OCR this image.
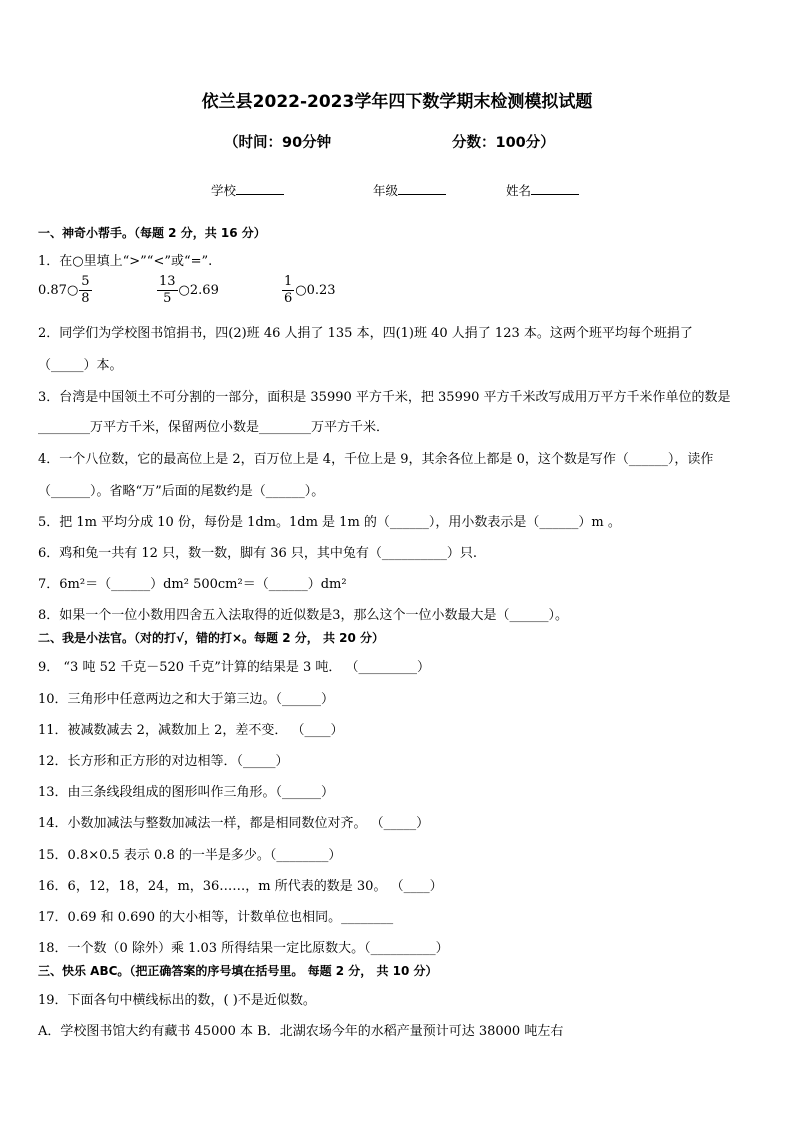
依兰县2022-2023学年四下数学期末检测模拟试题
（时间：90分钟	分数：100分）
学校	年级	姓名
一、神奇小帮手。（每题 2 分，共 16 分）
1．在○里填上“>”“<”或“=”.
0.87○ $\frac{5}{8}$	$\frac{13}{5}$ ○2.69	$\frac{1}{6}$ ○0.23
2．同学们为学校图书馆捐书，四(2)班 46 人捐了 135 本，四(1)班 40 人捐了 123 本。这两个班平均每个班捐了
（_____）本。
3．台湾是中国领土不可分割的一部分，面积是 35990 平方千米，把 35990 平方千米改写成用万平方千米作单位的数是
________万平方千米，保留两位小数是________万平方千米．
4．一个八位数，它的最高位上是 2，百万位上是 4，千位上是 9，其余各位上都是 0，这个数是写作（______），读作
（______）。省略“万”后面的尾数约是（______）。
5．把 1m 平均分成 10 份，每份是 1dm。1dm 是 1m 的（______），用小数表示是（______）m 。
6．鸡和兔一共有 12 只，数一数，脚有 36 只，其中兔有（__________）只.
7．6m²＝（______）dm² 500cm²＝（______）dm²
8．如果一个一位小数用四舍五入法取得的近似数是3，那么这个一位小数最大是（______）。
二、我是小法官。（对的打√，错的打×。每题 2 分， 共 20 分）
9． “3 吨 52 千克－520 千克”计算的结果是 3 吨． （_________）
10．三角形中任意两边之和大于第三边。（______）
11．被减数减去 2，减数加上 2，差不变． （____）
12．长方形和正方形的对边相等．（_____）
13．由三条线段组成的图形叫作三角形。（______）
14．小数加减法与整数加减法一样，都是相同数位对齐。 （_____）
15．0.8×0.5 表示 0.8 的一半是多少。（________）
16．6，12，18，24，m，36……，m 所代表的数是 30。 （____）
17．0.69 和 0.690 的大小相等，计数单位也相同。________
18．一个数（0 除外）乘 1.03 所得结果一定比原数大。（__________）
三、快乐 ABC。（把正确答案的序号填在括号里。 每题 2 分， 共 10 分）
19．下面各句中横线标出的数，( )不是近似数。
A．学校图书馆大约有藏书 45000 本 B．北湖农场今年的水稻产量预计可达 38000 吨左右
